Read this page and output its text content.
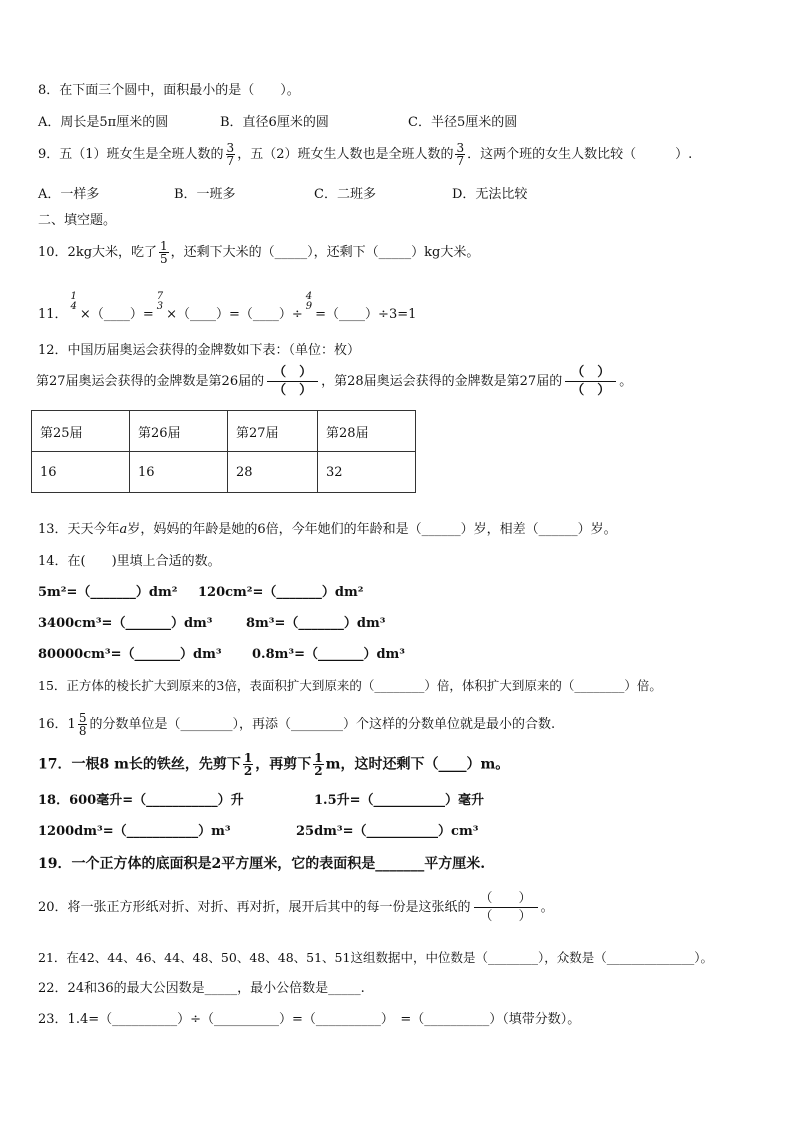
8．在下面三个圆中，面积最小的是（　　）。
A．周长是5π厘米的圆	B．直径6厘米的圆	C．半径5厘米的圆
9．五（1）班女生是全班人数的 $\frac{3}{7}$ ，五（2）班女生人数也是全班人数的 $\frac{3}{7}$ ．这两个班的女生人数比较（　　　）.
A．一样多	B．一班多	C．二班多	D．无法比较
二、填空题。
10．2kg大米，吃了 $\frac{1}{5}$ ，还剩下大米的（_____），还剩下（_____）kg大米。
11．
1
4 ×（____）=
7
3 ×（____）=（____）÷
4
9 =（____）÷3=1
12．中国历届奥运会获得的金牌数如下表：（单位：枚）
第27届奥运会获得的金牌数是第26届的
（　）
（　）
，第28届奥运会获得的金牌数是第27届的
（　）
（　）
。
第25届	第26届	第27届	第28届
16	16	28	32
13．天天今年a岁，妈妈的年龄是她的6倍，今年她们的年龄和是（______）岁，相差（______）岁。
14．在(　　)里填上合适的数。
5m²=（_______）dm² 120cm²=（_______）dm²
3400cm³=（_______）dm³	8m³=（_______）dm³
80000cm³=（_______）dm³ 0.8m³=（_______）dm³
15．正方体的棱长扩大到原来的3倍，表面积扩大到原来的（________）倍，体积扩大到原来的（________）倍。
16．$1 \frac{5}{8}$ 的分数单位是（________），再添（________）个这样的分数单位就是最小的合数.
17．一根8 m长的铁丝，先剪下 $\frac{1}{2}$ ，再剪下 $\frac{1}{2}$ m，这时还剩下（____）m。
18．600毫升=（___________）升	1.5升=（___________）毫升
1200dm³=（___________）m³	25dm³=（___________）cm³
19．一个正方体的底面积是2平方厘米，它的表面积是_______平方厘米.
20．将一张正方形纸对折、对折、再对折，展开后其中的每一份是这张纸的
（　　）
（　　）
。
21．在42、44、46、44、48、50、48、48、51、51这组数据中，中位数是（________），众数是（______________）。
22．24和36的最大公因数是_____，最小公倍数是_____.
23．1.4=（__________）÷（__________）=（__________）　=（__________）（填带分数）。
